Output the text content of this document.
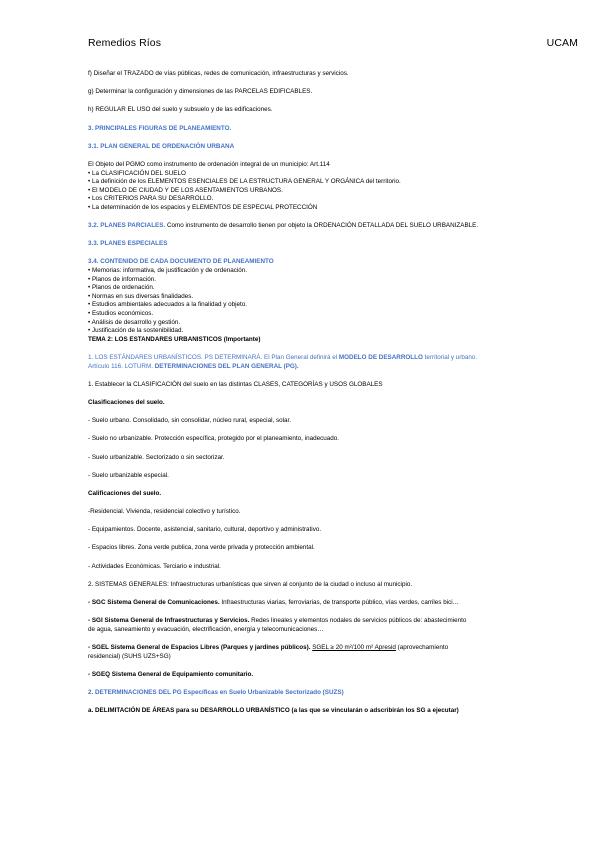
Remedios Ríos	UCAM

f) Diseñar el TRAZADO de vías públicas, redes de comunicación, infraestructuras y servicios.

g) Determinar la configuración y dimensiones de las PARCELAS EDIFICABLES.

h) REGULAR EL USO del suelo y subsuelo y de las edificaciones.

3. PRINCIPALES FIGURAS DE PLANEAMIENTO.

3.1. PLAN GENERAL DE ORDENACIÓN URBANA

El Objeto del PGMO como instrumento de ordenación integral de un municipio: Art.114

• La CLASIFICACIÓN DEL SUELO

• La definición de los ELEMENTOS ESENCIALES DE LA ESTRUCTURA GENERAL Y ORGÁNICA del territorio.

• El MODELO DE CIUDAD Y DE LOS ASENTAMIENTOS URBANOS.

• Los CRITERIOS PARA SU DESARROLLO.

• La determinación de los espacios y ELEMENTOS DE ESPECIAL PROTECCIÓN

3.2. PLANES PARCIALES. Como instrumento de desarrollo tienen por objeto la ORDENACIÓN DETALLADA DEL SUELO URBANIZABLE.

3.3. PLANES ESPECIALES

3.4. CONTENIDO DE CADA DOCUMENTO DE PLANEAMIENTO

• Memorias: informativa, de justificación y de ordenación.

• Planos de información.

• Planos de ordenación.

• Normas en sus diversas finalidades.

• Estudios ambientales adecuados a la finalidad y objeto.

• Estudios económicos.

• Análisis de desarrollo y gestión.

• Justificación de la sostenibilidad.

TEMA 2: LOS ESTANDARES URBANISTICOS (Importante)

1. LOS ESTÁNDARES URBANÍSTICOS. PS DETERMINARÁ. El Plan General definirá el MODELO DE DESARROLLO territorial y urbano.

Artículo 116. LOTURM. DETERMINACIONES DEL PLAN GENERAL (PG).

1. Establecer la CLASIFICACIÓN del suelo en las distintas CLASES, CATEGORÍAS y USOS GLOBALES

Clasificaciones del suelo.

- Suelo urbano. Consolidado, sin consolidar, núcleo rural, especial, solar.

- Suelo no urbanizable. Protección específica, protegido por el planeamiento, inadecuado.

- Suelo urbanizable. Sectorizado o sin sectorizar.

- Suelo urbanizable especial.

Calificaciones del suelo.

-Residencial. Vivienda, residencial colectivo y turístico.

- Equipamientos. Docente, asistencial, sanitario, cultural, deportivo y administrativo.

- Espacios libres. Zona verde publica, zona verde privada y protección ambiental.

- Actividades Económicas. Terciario e industrial.

2. SISTEMAS GENERALES: Infraestructuras urbanísticas que sirven al conjunto de la ciudad o incluso al municipio.

- SGC Sistema General de Comunicaciones. Infraestructuras viarias, ferroviarias, de transporte público, vías verdes, carriles bici…

- SGI Sistema General de Infraestructuras y Servicios. Redes lineales y elementos nodales de servicios públicos de: abastecimiento

de agua, saneamiento y evacuación, electrificación, energía y telecomunicaciones…

- SGEL Sistema General de Espacios Libres (Parques y jardines públicos). SGEL ≥ 20 m²/100 m² Apresid (aprovechamiento

residencial) (SUHS UZS+SG)

- SGEQ Sistema General de Equipamiento comunitario.

2. DETERMINACIONES DEL PG Específicas en Suelo Urbanizable Sectorizado (SUZS)

a. DELIMITACIÓN DE ÁREAS para su DESARROLLO URBANÍSTICO (a las que se vincularán o adscribirán los SG a ejecutar)
